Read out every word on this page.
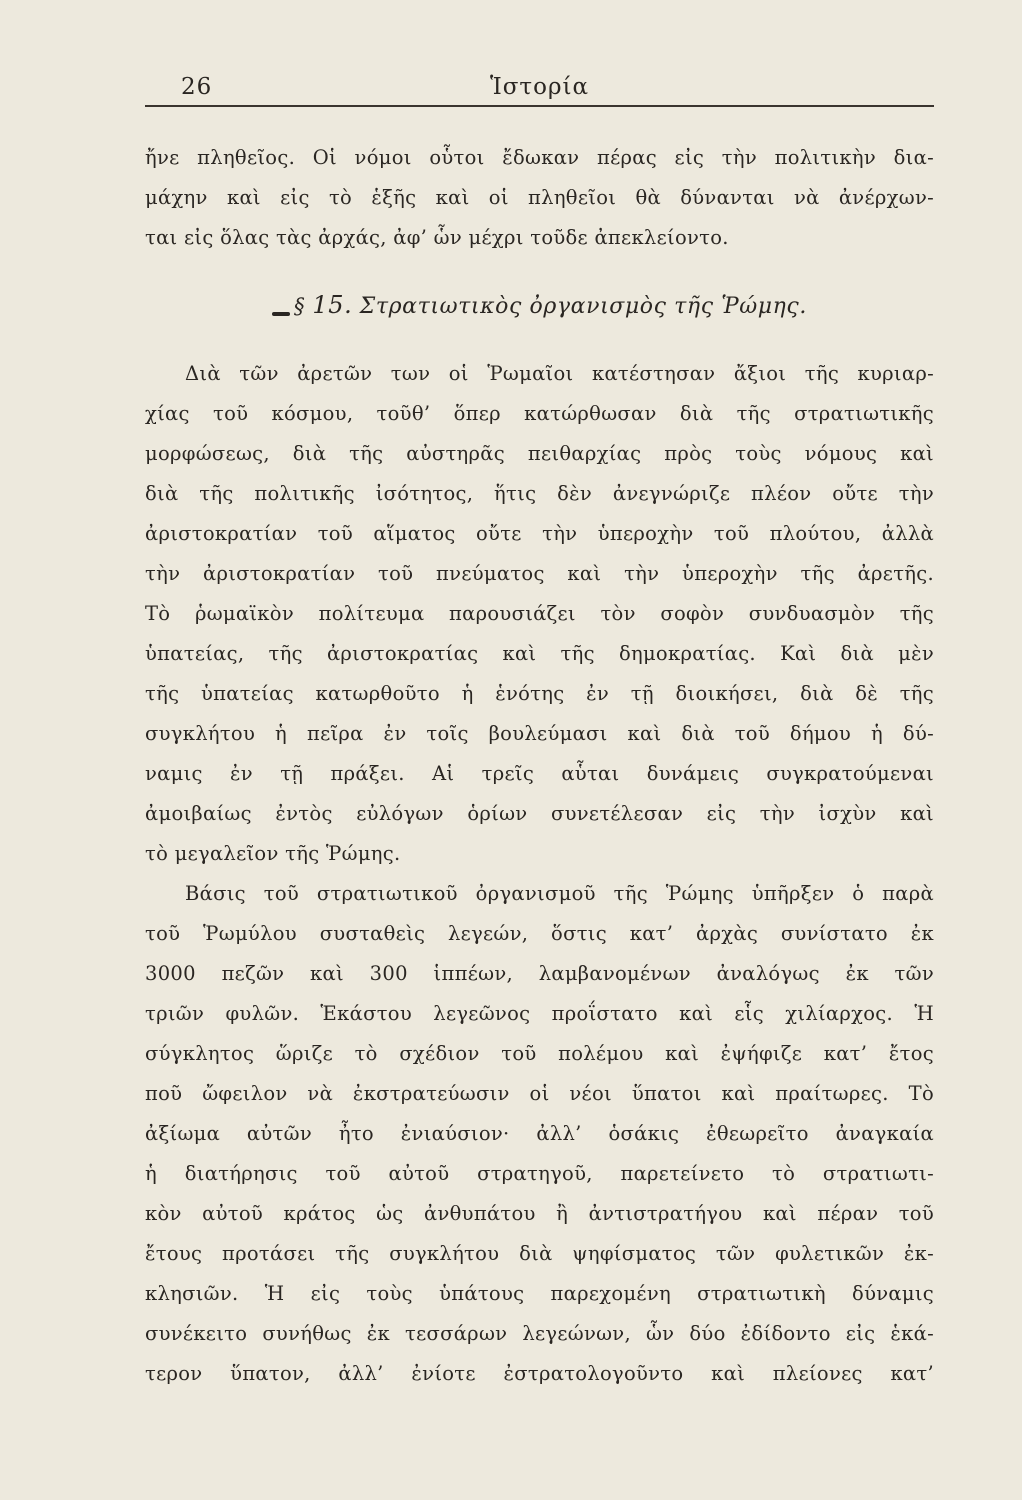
Ἱστορία
26
ἤνε πληθεῖος. Οἱ νόμοι οὗτοι ἔδωκαν πέρας εἰς τὴν πολιτικὴν δια-
μάχην καὶ εἰς τὸ ἑξῆς καὶ οἱ πληθεῖοι θὰ δύνανται νὰ ἀνέρχων-
ται εἰς ὅλας τὰς ἀρχάς, ἀφ’ ὧν μέχρι τοῦδε ἀπεκλείοντο.
§ 15. Στρατιωτικὸς ὀργανισμὸς τῆς Ῥώμης.
Διὰ τῶν ἀρετῶν των οἱ Ῥωμαῖοι κατέστησαν ἄξιοι τῆς κυριαρ-
χίας τοῦ κόσμου, τοῦθ’ ὅπερ κατώρθωσαν διὰ τῆς στρατιωτικῆς
μορφώσεως, διὰ τῆς αὐστηρᾶς πειθαρχίας πρὸς τοὺς νόμους καὶ
διὰ τῆς πολιτικῆς ἰσότητος, ἥτις δὲν ἀνεγνώριζε πλέον οὔτε τὴν
ἀριστοκρατίαν τοῦ αἵματος οὔτε τὴν ὑπεροχὴν τοῦ πλούτου, ἀλλὰ
τὴν ἀριστοκρατίαν τοῦ πνεύματος καὶ τὴν ὑπεροχὴν τῆς ἀρετῆς.
Τὸ ῥωμαϊκὸν πολίτευμα παρουσιάζει τὸν σοφὸν συνδυασμὸν τῆς
ὑπατείας, τῆς ἀριστοκρατίας καὶ τῆς δημοκρατίας. Καὶ διὰ μὲν
τῆς ὑπατείας κατωρθοῦτο ἡ ἑνότης ἐν τῇ διοικήσει, διὰ δὲ τῆς
συγκλήτου ἡ πεῖρα ἐν τοῖς βουλεύμασι καὶ διὰ τοῦ δήμου ἡ δύ-
ναμις ἐν τῇ πράξει. Αἱ τρεῖς αὗται δυνάμεις συγκρατούμεναι
ἀμοιβαίως ἐντὸς εὐλόγων ὁρίων συνετέλεσαν εἰς τὴν ἰσχὺν καὶ
τὸ μεγαλεῖον τῆς Ῥώμης.
Βάσις τοῦ στρατιωτικοῦ ὀργανισμοῦ τῆς Ῥώμης ὑπῆρξεν ὁ παρὰ
τοῦ Ῥωμύλου συσταθεὶς λεγεών, ὅστις κατ’ ἀρχὰς συνίστατο ἐκ
3000 πεζῶν καὶ 300 ἱππέων, λαμβανομένων ἀναλόγως ἐκ τῶν
τριῶν φυλῶν. Ἑκάστου λεγεῶνος προΐστατο καὶ εἷς χιλίαρχος. Ἡ
σύγκλητος ὥριζε τὸ σχέδιον τοῦ πολέμου καὶ ἐψήφιζε κατ’ ἔτος
ποῦ ὤφειλον νὰ ἐκστρατεύωσιν οἱ νέοι ὕπατοι καὶ πραίτωρες. Τὸ
ἀξίωμα αὐτῶν ἦτο ἐνιαύσιον· ἀλλ’ ὁσάκις ἐθεωρεῖτο ἀναγκαία
ἡ διατήρησις τοῦ αὐτοῦ στρατηγοῦ, παρετείνετο τὸ στρατιωτι-
κὸν αὐτοῦ κράτος ὡς ἀνθυπάτου ἢ ἀντιστρατήγου καὶ πέραν τοῦ
ἔτους προτάσει τῆς συγκλήτου διὰ ψηφίσματος τῶν φυλετικῶν ἐκ-
κλησιῶν. Ἡ εἰς τοὺς ὑπάτους παρεχομένη στρατιωτικὴ δύναμις
συνέκειτο συνήθως ἐκ τεσσάρων λεγεώνων, ὧν δύο ἐδίδοντο εἰς ἑκά-
τερον ὕπατον, ἀλλ’ ἐνίοτε ἐστρατολογοῦντο καὶ πλείονες κατ’
